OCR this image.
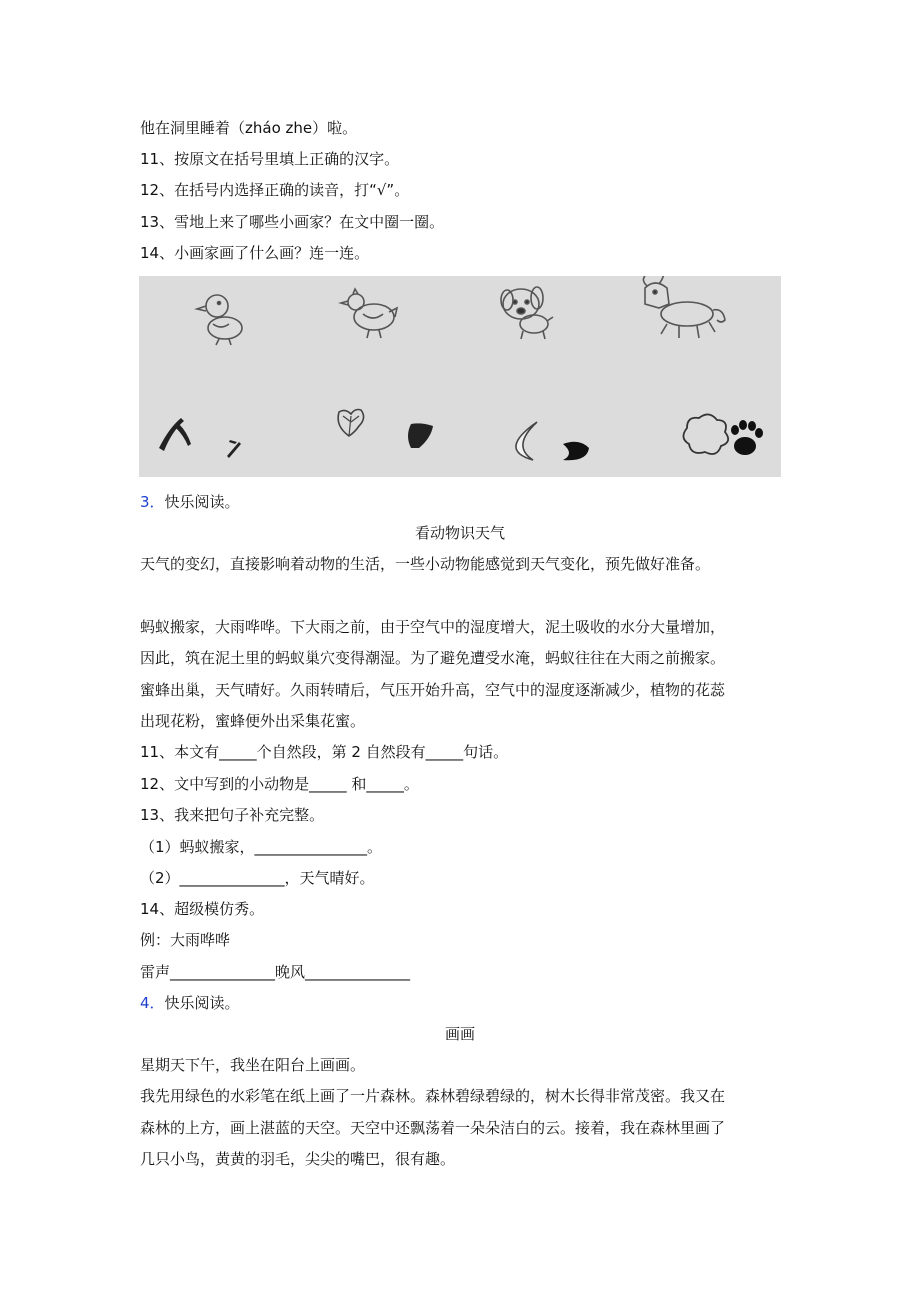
他在洞里睡着（zháo zhe）啦。
11、按原文在括号里填上正确的汉字。
12、在括号内选择正确的读音，打“√”。
13、雪地上来了哪些小画家？在文中圈一圈。
14、小画家画了什么画？连一连。
3．快乐阅读。
看动物识天气
天气的变幻，直接影响着动物的生活，一些小动物能感觉到天气变化，预先做好准备。
蚂蚁搬家，大雨哗哗。下大雨之前，由于空气中的湿度增大，泥土吸收的水分大量增加，
因此，筑在泥土里的蚂蚁巢穴变得潮湿。为了避免遭受水淹，蚂蚁往往在大雨之前搬家。
蜜蜂出巢，天气晴好。久雨转晴后，气压开始升高，空气中的湿度逐渐减少，植物的花蕊
出现花粉，蜜蜂便外出采集花蜜。
11、本文有_____个自然段，第 2 自然段有_____句话。
12、文中写到的小动物是_____ 和_____。
13、我来把句子补充完整。
（1）蚂蚁搬家，_______________。
（2）______________，天气晴好。
14、超级模仿秀。
例：大雨哗哗
雷声______________晚风______________
4．快乐阅读。
画画
星期天下午，我坐在阳台上画画。
我先用绿色的水彩笔在纸上画了一片森林。森林碧绿碧绿的，树木长得非常茂密。我又在
森林的上方，画上湛蓝的天空。天空中还飘荡着一朵朵洁白的云。接着，我在森林里画了
几只小鸟，黄黄的羽毛，尖尖的嘴巴，很有趣。
